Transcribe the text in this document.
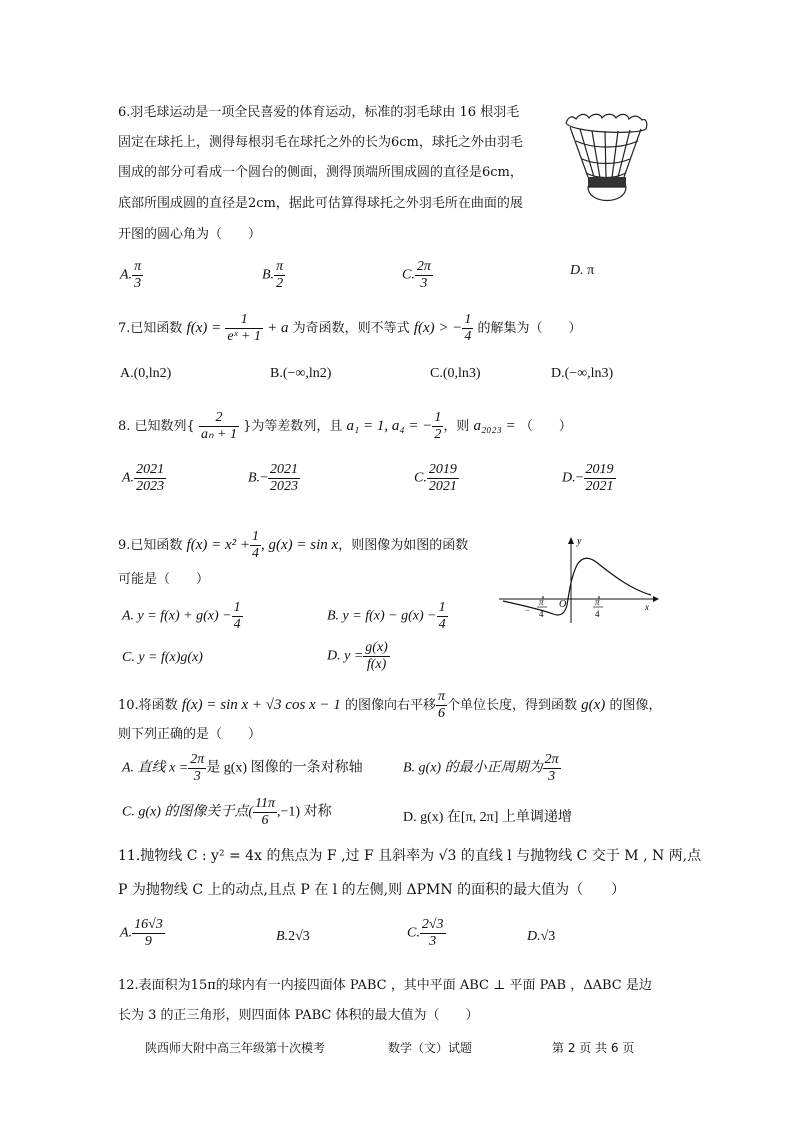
6.羽毛球运动是一项全民喜爱的体育运动，标准的羽毛球由 16 根羽毛
固定在球托上，测得每根羽毛在球托之外的长为6cm，球托之外由羽毛
围成的部分可看成一个圆台的侧面，测得顶端所围成圆的直径是6cm，
底部所围成圆的直径是2cm，据此可估算得球托之外羽毛所在曲面的展
开图的圆心角为（　　）
A. $\frac{\pi}{3}$	B. $\frac{\pi}{2}$	C. $\frac{2\pi}{3}$	D. π
7.已知函数 $f(x) = \frac{1}{\text{eˣ + 1}} + a$ 为奇函数，则不等式 f(x) > − $\frac{1}{4}$ 的解集为（　　）
A.(0,ln2)	B.(−∞,ln2)	C.(0,ln3)	D.(−∞,ln3)
8. 已知数列{ $\frac{2}{\text{aₙ + 1}}$ }为等差数列，且 a₁ = 1, a₄ = − $\frac{1}{2}$ ，则 a₂₀₂₃ = （　　）
A. $\frac{2021}{2023}$	$B.- \frac{2021}{2023}$	C. $\frac{2019}{2021}$	$D.- \frac{2019}{2021}$
9.已知函数 $f(x) = x^2 + \frac{1}{4}$ , g(x) = sin x，则图像为如图的函数
可能是（　　）
A. $y = f(x) + g(x) - \frac{1}{4}$	B. $y = f(x) - g(x) - \frac{1}{4}$
C. y = f(x)g(x)	D. $y = \frac{g(x)}{f(x)}$
y
x
O
−
π
4
π
4
10.将函数 f(x) = sin x + √3 cos x − 1 的图像向右平移 $\frac{\pi}{6}$ 个单位长度，得到函数 g(x) 的图像，
则下列正确的是（　　）
A. 直线 $x = \frac{2\pi}{3}$ 是 g(x) 图像的一条对称轴	B. g(x) 的最小正周期为 $\frac{2\pi}{3}$
C. g(x) 的图像关于点( $\frac{11\pi}{6} ,-1$) 对称	D. g(x) 在[π, 2π] 上单调递增
11.抛物线 C : y² = 4x 的焦点为 F ,过 F 且斜率为 √3 的直线 l 与抛物线 C 交于 M , N 两,点
P 为抛物线 C 上的动点,且点 P 在 l 的左侧,则 ΔPMN 的面积的最大值为（　　）
A. $\frac{16√3}{9}$	B.2√3	C. $\frac{2√3}{3}$	D.√3
12.表面积为15π的球内有一内接四面体 PABC ，其中平面 ABC ⊥ 平面 PAB ，ΔABC 是边
长为 3 的正三角形，则四面体 PABC 体积的最大值为（　　）
陕西师大附中高三年级第十次模考	数学（文）试题	第 2 页 共 6 页
